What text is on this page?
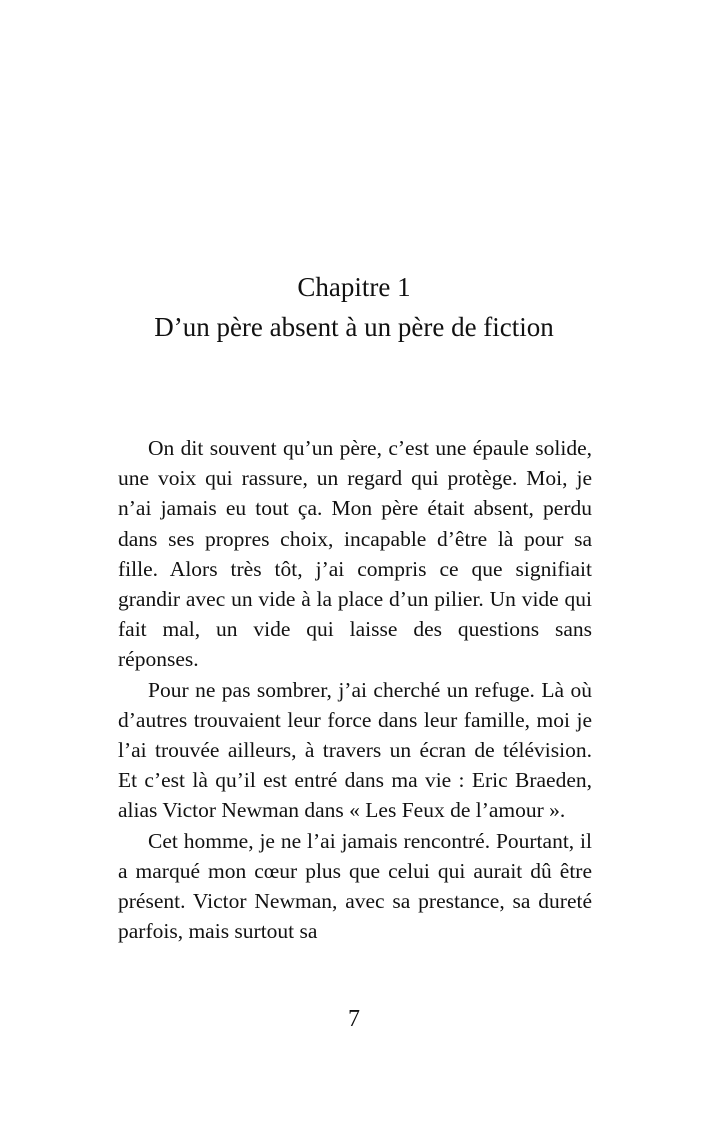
Chapitre 1
D’un père absent à un père de fiction

On dit souvent qu’un père, c’est une épaule solide, une voix qui rassure, un regard qui protège. Moi, je n’ai jamais eu tout ça. Mon père était absent, perdu dans ses propres choix, incapable d’être là pour sa fille. Alors très tôt, j’ai compris ce que signifiait grandir avec un vide à la place d’un pilier. Un vide qui fait mal, un vide qui laisse des questions sans réponses.

Pour ne pas sombrer, j’ai cherché un refuge. Là où d’autres trouvaient leur force dans leur famille, moi je l’ai trouvée ailleurs, à travers un écran de télévision. Et c’est là qu’il est entré dans ma vie : Eric Braeden, alias Victor Newman dans « Les Feux de l’amour ».

Cet homme, je ne l’ai jamais rencontré. Pourtant, il a marqué mon cœur plus que celui qui aurait dû être présent. Victor Newman, avec sa prestance, sa dureté parfois, mais surtout sa

7
